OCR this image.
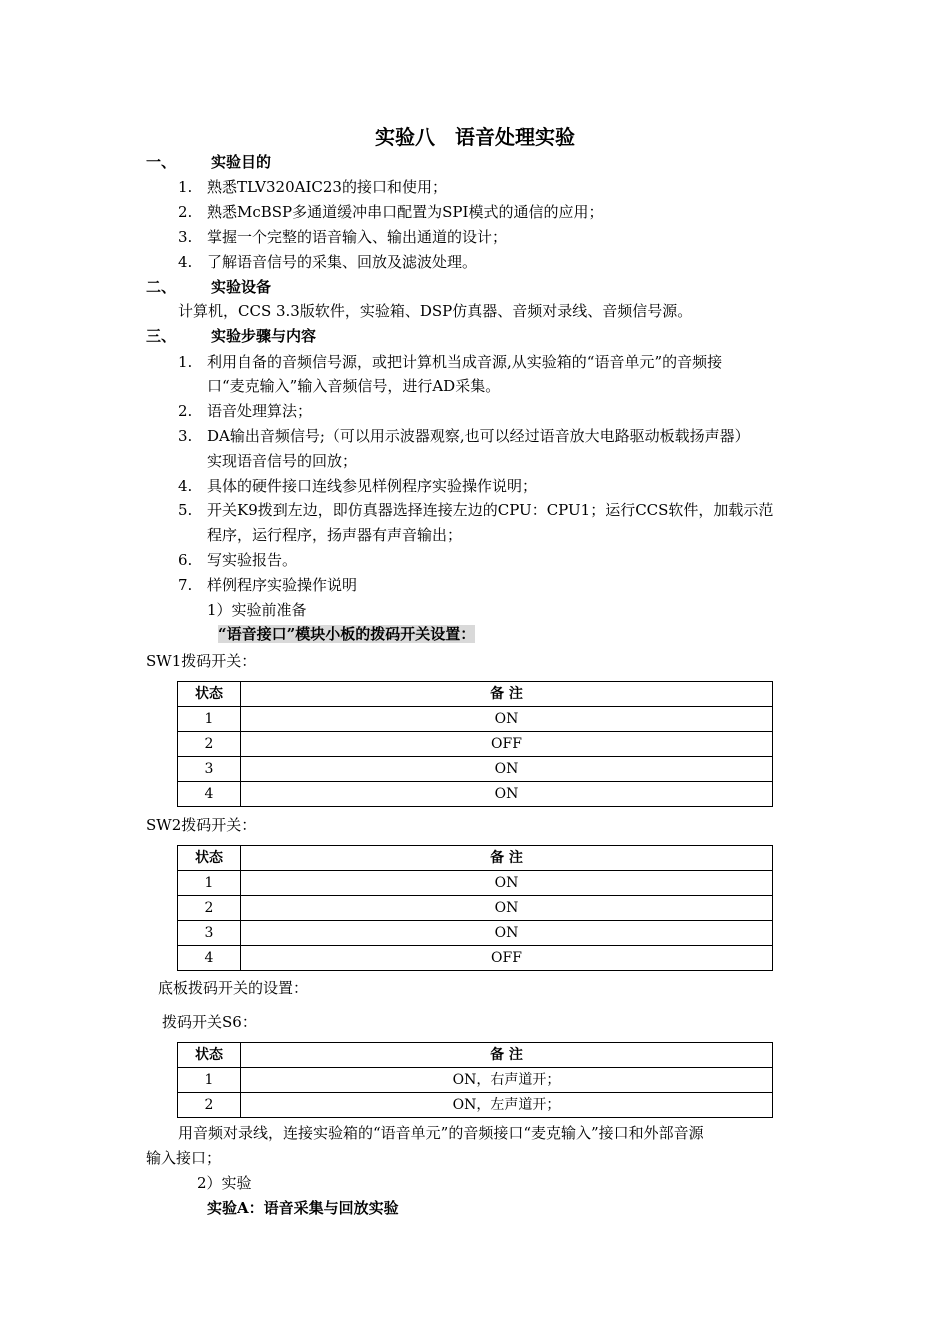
实验八　语音处理实验
一、 实验目的
1. 熟悉TLV320AIC23的接口和使用；
2. 熟悉McBSP多通道缓冲串口配置为SPI模式的通信的应用；
3. 掌握一个完整的语音输入、输出通道的设计；
4. 了解语音信号的采集、回放及滤波处理。
二、 实验设备
计算机，CCS 3.3版软件，实验箱、DSP仿真器、音频对录线、音频信号源。
三、 实验步骤与内容
1. 利用自备的音频信号源，或把计算机当成音源,从实验箱的“语音单元”的音频接
口“麦克输入”输入音频信号，进行AD采集。
2. 语音处理算法；
3. DA输出音频信号;（可以用示波器观察,也可以经过语音放大电路驱动板载扬声器）
实现语音信号的回放；
4. 具体的硬件接口连线参见样例程序实验操作说明；
5. 开关K9拨到左边，即仿真器选择连接左边的CPU：CPU1；运行CCS软件，加载示范
程序，运行程序，扬声器有声音输出；
6. 写实验报告。
7. 样例程序实验操作说明
1）实验前准备
“语音接口”模块小板的拨码开关设置：
SW1拨码开关：
状态	备 注
1	ON
2	OFF
3	ON
4	ON
SW2拨码开关：
状态	备 注
1	ON
2	ON
3	ON
4	OFF
底板拨码开关的设置：
拨码开关S6：
状态	备 注
1	ON，右声道开；
2	ON，左声道开；
用音频对录线，连接实验箱的“语音单元”的音频接口“麦克输入”接口和外部音源
输入接口；
2）实验
实验A：语音采集与回放实验
